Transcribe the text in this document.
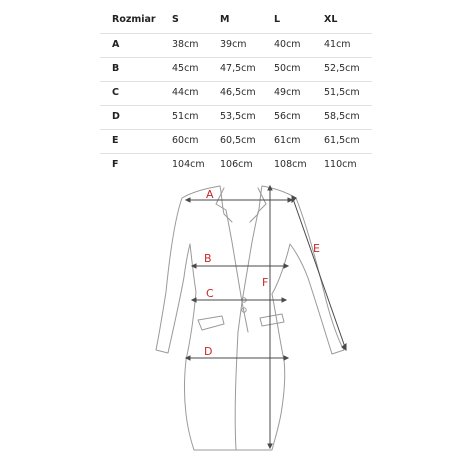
Rozmiar S	M	L	XL
A	38cm 39cm	40cm 41cm
B	45cm 47,5cm 50cm 52,5cm
C	44cm 46,5cm 49cm 51,5cm
D	51cm 53,5cm 56cm 58,5cm
E	60cm 60,5cm 61cm 61,5cm
F	104cm 106cm 108cm 110cm
A
B
C
D
E
F
